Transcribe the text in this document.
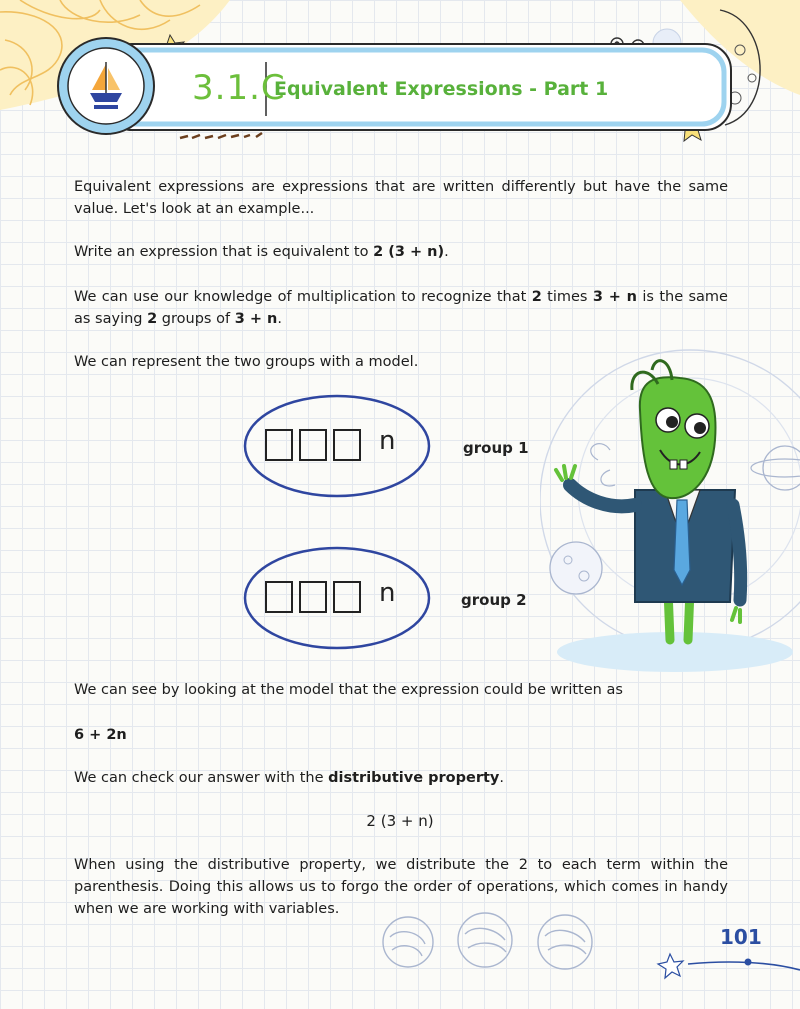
3.1.C
Equivalent Expressions - Part 1

Equivalent expressions are expressions that are written differently but have the same value. Let's look at an example...

Write an expression that is equivalent to 2 (3 + n).

We can use our knowledge of multiplication to recognize that 2 times 3 + n is the same as saying 2 groups of 3 + n.

We can represent the two groups with a model.

n	group 1
n	group 2

We can see by looking at the model that the expression could be written as

6 + 2n

We can check our answer with the distributive property.

2 (3 + n)

When using the distributive property, we distribute the 2 to each term within the parenthesis. Doing this allows us to forgo the order of operations, which comes in handy when we are working with variables.

101
